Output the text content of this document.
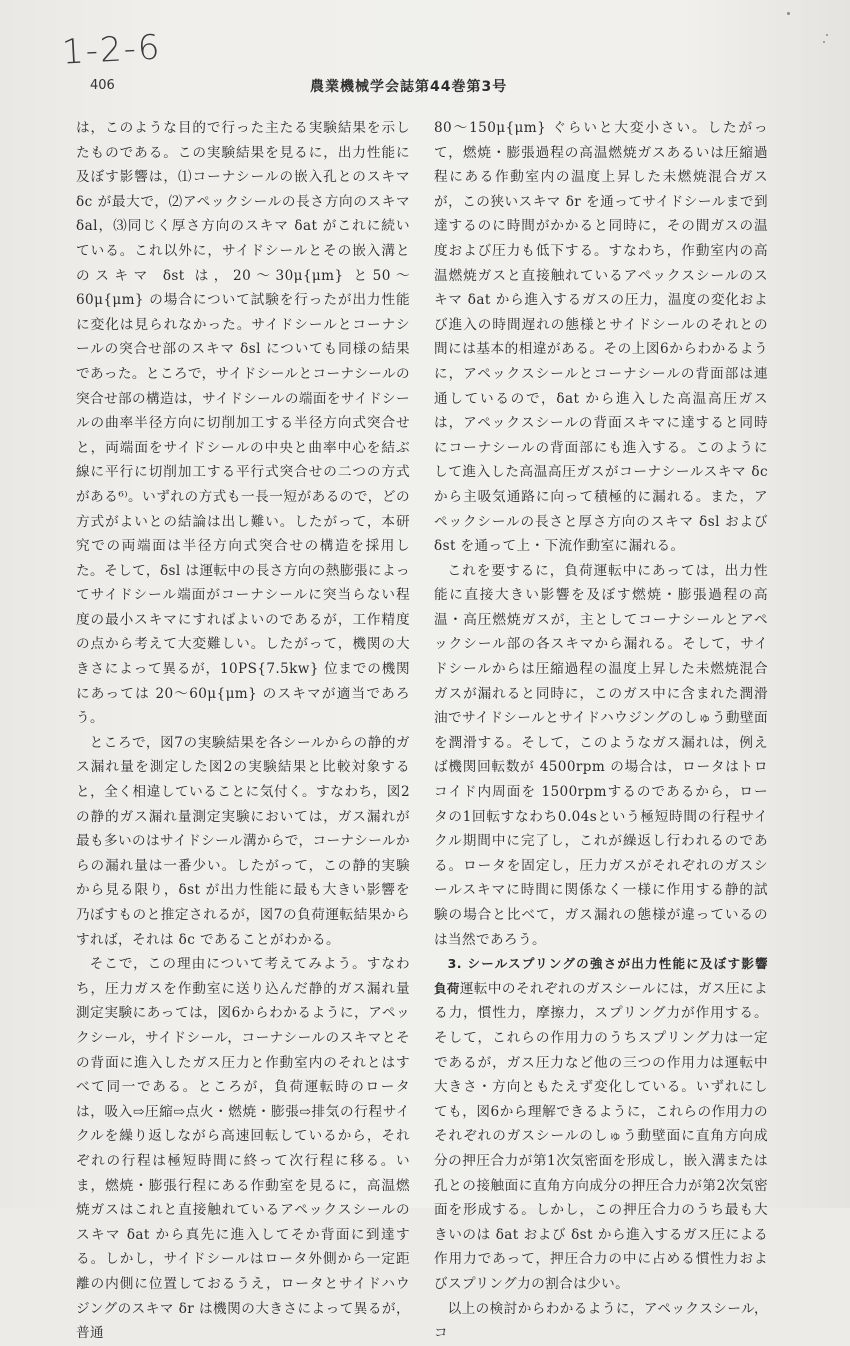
1-2-6
406	農業機械学会誌第44巻第3号

は，このような目的で行った主たる実験結果を示したものである。この実験結果を見るに，出力性能に及ぼす影響は，⑴コーナシールの嵌入孔とのスキマ δc が最大で，⑵アペックシールの長さ方向のスキマ δal，⑶同じく厚さ方向のスキマ δat がこれに続いている。これ以外に，サイドシールとその嵌入溝とのスキマ δst は，20～30μ{μm} と50～60μ{μm} の場合について試験を行ったが出力性能に変化は見られなかった。サイドシールとコーナシールの突合せ部のスキマ δsl についても同様の結果であった。ところで，サイドシールとコーナシールの突合せ部の構造は，サイドシールの端面をサイドシールの曲率半径方向に切削加工する半径方向式突合せと，両端面をサイドシールの中央と曲率中心を結ぶ線に平行に切削加工する平行式突合せの二つの方式がある⁶⁾。いずれの方式も一長一短があるので，どの方式がよいとの結論は出し難い。したがって，本研究での両端面は半径方向式突合せの構造を採用した。そして，δsl は運転中の長さ方向の熱膨張によってサイドシール端面がコーナシールに突当らない程度の最小スキマにすればよいのであるが，工作精度の点から考えて大変難しい。したがって，機関の大きさによって異るが，10PS{7.5kw} 位までの機関にあっては 20～60μ{μm} のスキマが適当であろう。

ところで，図7の実験結果を各シールからの静的ガス漏れ量を測定した図2の実験結果と比較対象すると，全く相違していることに気付く。すなわち，図2の静的ガス漏れ量測定実験においては，ガス漏れが最も多いのはサイドシール溝からで，コーナシールからの漏れ量は一番少い。したがって，この静的実験から見る限り，δst が出力性能に最も大きい影響を乃ぼすものと推定されるが，図7の負荷運転結果からすれば，それは δc であることがわかる。

そこで，この理由について考えてみよう。すなわち，圧力ガスを作動室に送り込んだ静的ガス漏れ量測定実験にあっては，図6からわかるように，アペックシール，サイドシール，コーナシールのスキマとその背面に進入したガス圧力と作動室内のそれとはすべて同一である。ところが，負荷運転時のロータは，吸入⇨圧縮⇨点火・燃焼・膨張⇨排気の行程サイクルを繰り返しながら高速回転しているから，それぞれの行程は極短時間に終って次行程に移る。いま，燃焼・膨張行程にある作動室を見るに，高温燃焼ガスはこれと直接触れているアペックスシールのスキマ δat から真先に進入してそか背面に到達する。しかし，サイドシールはロータ外側から一定距離の内側に位置しておるうえ，ロータとサイドハウジングのスキマ δr は機関の大きさによって異るが，普通

80～150μ{μm} ぐらいと大変小さい。したがって，燃焼・膨張過程の高温燃焼ガスあるいは圧縮過程にある作動室内の温度上昇した未燃焼混合ガスが，この狭いスキマ δr を通ってサイドシールまで到達するのに時間がかかると同時に，その間ガスの温度および圧力も低下する。すなわち，作動室内の高温燃焼ガスと直接触れているアペックスシールのスキマ δat から進入するガスの圧力，温度の変化および進入の時間遅れの態様とサイドシールのそれとの間には基本的相違がある。その上図6からわかるように，アペックスシールとコーナシールの背面部は連通しているので，δat から進入した高温高圧ガスは，アペックスシールの背面スキマに達すると同時にコーナシールの背面部にも進入する。このようにして進入した高温高圧ガスがコーナシールスキマ δc から主吸気通路に向って積極的に漏れる。また，アペックシールの長さと厚さ方向のスキマ δsl および δst を通って上・下流作動室に漏れる。

これを要するに，負荷運転中にあっては，出力性能に直接大きい影響を及ぼす燃焼・膨張過程の高温・高圧燃焼ガスが，主としてコーナシールとアペックシール部の各スキマから漏れる。そして，サイドシールからは圧縮過程の温度上昇した未燃焼混合ガスが漏れると同時に，このガス中に含まれた潤滑油でサイドシールとサイドハウジングのしゅう動壁面を潤滑する。そして，このようなガス漏れは，例えば機関回転数が 4500rpm の場合は，ロータはトロコイド内周面を 1500rpmするのであるから，ロータの1回転すなわち0.04sという極短時間の行程サイクル期間中に完了し，これが繰返し行われるのである。ロータを固定し，圧力ガスがそれぞれのガスシールスキマに時間に関係なく一様に作用する静的試験の場合と比べて，ガス漏れの態様が違っているのは当然であろう。

3. シールスプリングの強さが出力性能に及ぼす影響　負荷運転中のそれぞれのガスシールには，ガス圧による力，慣性力，摩擦力，スプリング力が作用する。そして，これらの作用力のうちスプリング力は一定であるが，ガス圧力など他の三つの作用力は運転中大きさ・方向ともたえず変化している。いずれにしても，図6から理解できるように，これらの作用力のそれぞれのガスシールのしゅう動壁面に直角方向成分の押圧合力が第1次気密面を形成し，嵌入溝または孔との接触面に直角方向成分の押圧合力が第2次気密面を形成する。しかし，この押圧合力のうち最も大きいのは δat および δst から進入するガス圧による作用力であって，押圧合力の中に占める慣性力およびスプリング力の割合は少い。

以上の検討からわかるように，アペックスシール，コ
